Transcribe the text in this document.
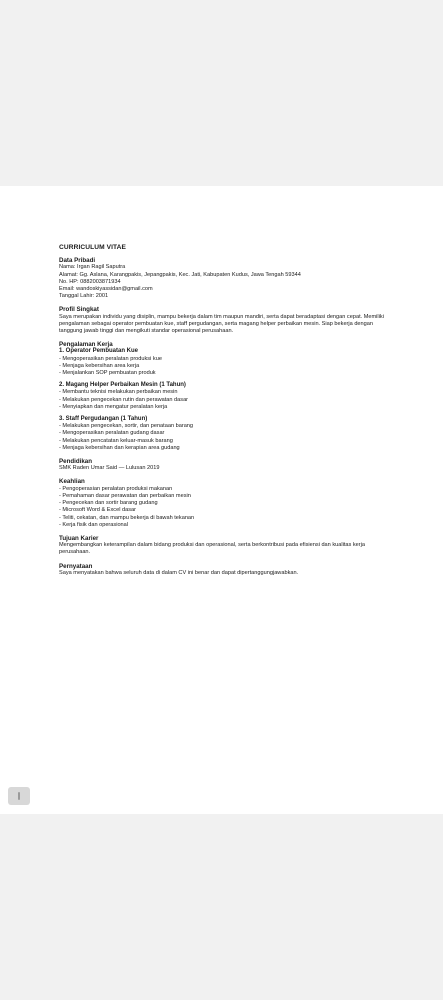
CURRICULUM VITAE

Data Pribadi

Nama: Irgan Ragil Saputra

Alamat: Gg. Aslana, Karangpakis, Jepangpakis, Kec. Jati, Kabupaten Kudus, Jawa Tengah 59344

No. HP: 0882003871934

Email: wandoskiyassidan@gmail.com

Tanggal Lahir: 2001

Profil Singkat

Saya merupakan individu yang disiplin, mampu bekerja dalam tim maupun mandiri, serta dapat beradaptasi dengan cepat. Memiliki pengalaman sebagai operator pembuatan kue, staff pergudangan, serta magang helper perbaikan mesin. Siap bekerja dengan tanggung jawab tinggi dan mengikuti standar operasional perusahaan.

Pengalaman Kerja

1. Operator Pembuatan Kue

- Mengoperasikan peralatan produksi kue

- Menjaga kebersihan area kerja

- Menjalankan SOP pembuatan produk

2. Magang Helper Perbaikan Mesin (1 Tahun)

- Membantu teknisi melakukan perbaikan mesin

- Melakukan pengecekan rutin dan perawatan dasar

- Menyiapkan dan mengatur peralatan kerja

3. Staff Pergudangan (1 Tahun)

- Melakukan pengecekan, sortir, dan penataan barang

- Mengoperasikan peralatan gudang dasar

- Melakukan pencatatan keluar-masuk barang

- Menjaga kebersihan dan kerapian area gudang

Pendidikan

SMK Raden Umar Said — Lulusan 2019

Keahlian

- Pengoperasian peralatan produksi makanan

- Pemahaman dasar perawatan dan perbaikan mesin

- Pengecekan dan sortir barang gudang

- Microsoft Word & Excel dasar

- Teliti, cekatan, dan mampu bekerja di bawah tekanan

- Kerja fisik dan operasional

Tujuan Karier

Mengembangkan keterampilan dalam bidang produksi dan operasional, serta berkontribusi pada efisiensi dan kualitas kerja perusahaan.

Pernyataan

Saya menyatakan bahwa seluruh data di dalam CV ini benar dan dapat dipertanggungjawabkan.
